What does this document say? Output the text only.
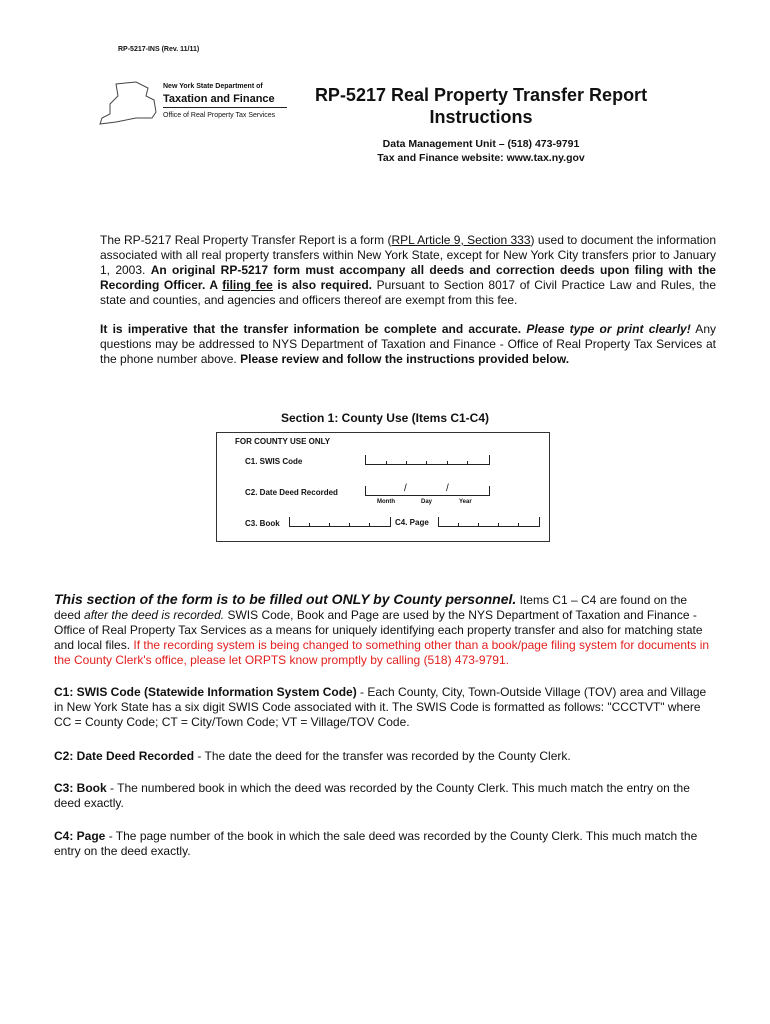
RP-5217-INS (Rev. 11/11)
New York State Department of
Taxation and Finance
Office of Real Property Tax Services
RP-5217 Real Property Transfer Report
Instructions
Data Management Unit – (518) 473-9791
Tax and Finance website: www.tax.ny.gov

The RP-5217 Real Property Transfer Report is a form (RPL Article 9, Section 333) used to document the information associated with all real property transfers within New York State, except for New York City transfers prior to January 1, 2003. An original RP-5217 form must accompany all deeds and correction deeds upon filing with the Recording Officer. A filing fee is also required. Pursuant to Section 8017 of Civil Practice Law and Rules, the state and counties, and agencies and officers thereof are exempt from this fee.

It is imperative that the transfer information be complete and accurate. Please type or print clearly! Any questions may be addressed to NYS Department of Taxation and Finance - Office of Real Property Tax Services at the phone number above. Please review and follow the instructions provided below.

Section 1: County Use (Items C1-C4)
FOR COUNTY USE ONLY
C1. SWIS Code
C2. Date Deed Recorded	/	/
Month	Day	Year
C3. Book	C4. Page

This section of the form is to be filled out ONLY by County personnel. Items C1 – C4 are found on the deed after the deed is recorded. SWIS Code, Book and Page are used by the NYS Department of Taxation and Finance - Office of Real Property Tax Services as a means for uniquely identifying each property transfer and also for matching state and local files. If the recording system is being changed to something other than a book/page filing system for documents in the County Clerk's office, please let ORPTS know promptly by calling (518) 473-9791.

C1: SWIS Code (Statewide Information System Code) - Each County, City, Town-Outside Village (TOV) area and Village in New York State has a six digit SWIS Code associated with it. The SWIS Code is formatted as follows: "CCCTVT" where CC = County Code; CT = City/Town Code; VT = Village/TOV Code.

C2: Date Deed Recorded - The date the deed for the transfer was recorded by the County Clerk.

C3: Book - The numbered book in which the deed was recorded by the County Clerk. This much match the entry on the deed exactly.

C4: Page - The page number of the book in which the sale deed was recorded by the County Clerk. This much match the entry on the deed exactly.
